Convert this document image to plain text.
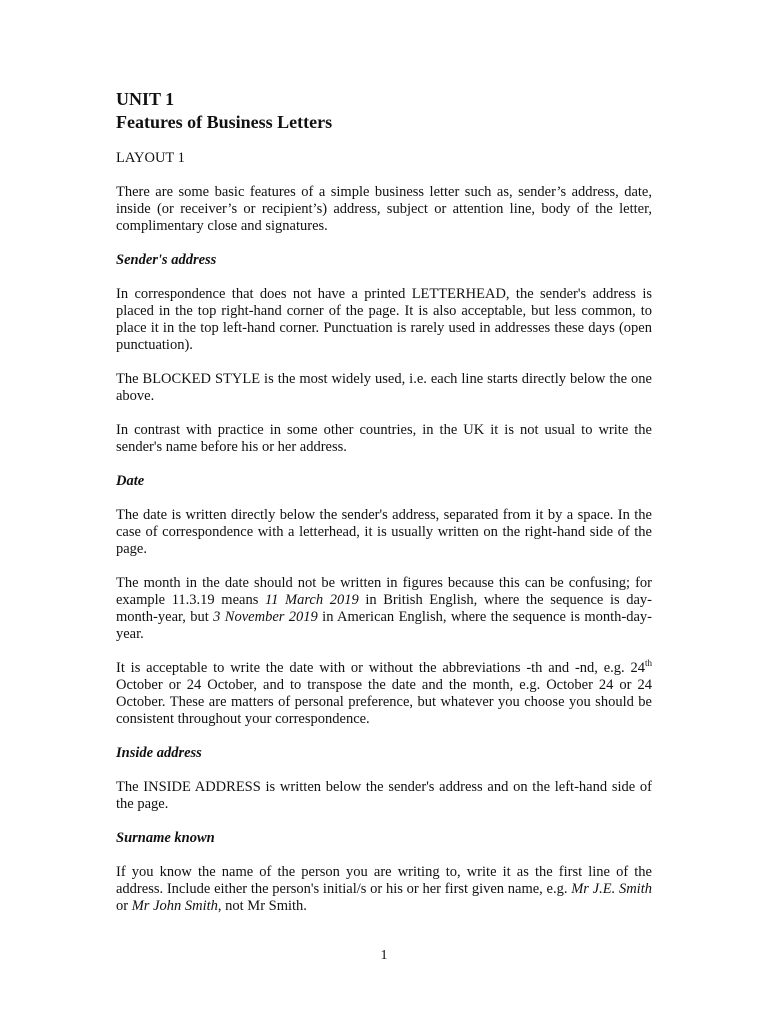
UNIT 1
Features of Business Letters
LAYOUT 1

There are some basic features of a simple business letter such as, sender’s address, date, inside (or receiver’s or recipient’s) address, subject or attention line, body of the letter, complimentary close and signatures.

Sender's address

In correspondence that does not have a printed LETTERHEAD, the sender's address is placed in the top right-hand corner of the page. It is also acceptable, but less common, to place it in the top left-hand corner. Punctuation is rarely used in addresses these days (open punctuation).

The BLOCKED STYLE is the most widely used, i.e. each line starts directly below the one above.

In contrast with practice in some other countries, in the UK it is not usual to write the sender's name before his or her address.

Date

The date is written directly below the sender's address, separated from it by a space. In the case of correspondence with a letterhead, it is usually written on the right-hand side of the page.

The month in the date should not be written in figures because this can be confusing; for example 11.3.19 means 11 March 2019 in British English, where the sequence is day-month-year, but 3 November 2019 in American English, where the sequence is month-day-year.

It is acceptable to write the date with or without the abbreviations -th and -nd, e.g. 24th October or 24 October, and to transpose the date and the month, e.g. October 24 or 24 October. These are matters of personal preference, but whatever you choose you should be consistent throughout your correspondence.

Inside address

The INSIDE ADDRESS is written below the sender's address and on the left-hand side of the page.

Surname known

If you know the name of the person you are writing to, write it as the first line of the address. Include either the person's initial/s or his or her first given name, e.g. Mr J.E. Smith or Mr John Smith, not Mr Smith.

1
